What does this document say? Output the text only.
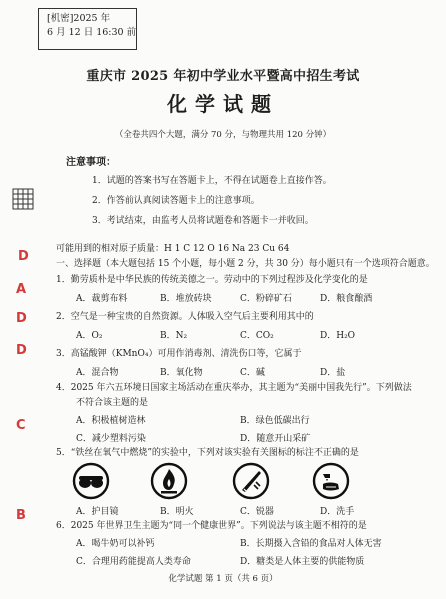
[机密]2025 年
6 月 12 日 16:30 前
重庆市 2025 年初中学业水平暨高中招生考试
化学试题
（全卷共四个大题，满分 70 分，与物理共用 120 分钟）
注意事项：
1．试题的答案书写在答题卡上，不得在试题卷上直接作答。
2．作答前认真阅读答题卡上的注意事项。
3．考试结束，由监考人员将试题卷和答题卡一并收回。
可能用到的相对原子质量：H 1 C 12 O 16 Na 23 Cu 64
一、选择题（本大题包括 15 个小题，每小题 2 分，共 30 分）每小题只有一个选项符合题意。
D
1．勤劳质朴是中华民族的传统美德之一。劳动中的下列过程涉及化学变化的是
A．裁剪布料	B．堆放砖块	C．粉碎矿石	D．粮食酿酒
A
2．空气是一种宝贵的自然资源。人体吸入空气后主要利用其中的
A．O₂	B．N₂	C．CO₂	D．H₂O
D
3．高锰酸钾（KMnO₄）可用作消毒剂、清洗伤口等，它属于
A．混合物	B．氧化物	C．碱	D．盐
D
4．2025 年六五环境日国家主场活动在重庆举办，其主题为“美丽中国我先行”。下列做法
不符合该主题的是
A．积极植树造林	B．绿色低碳出行
C．减少塑料污染	D．随意开山采矿
C
5．“铁丝在氧气中燃烧”的实验中，下列对该实验有关图标的标注不正确的是
A．护目镜	B．明火	C．锐器	D．洗手
B
6．2025 年世界卫生主题为“同一个健康世界”。下列说法与该主题不相符的是
A．喝牛奶可以补钙	B．长期摄入含铅的食品对人体无害
C．合理用药能提高人类寿命	D．糖类是人体主要的供能物质
化学试题 第 1 页（共 6 页）
